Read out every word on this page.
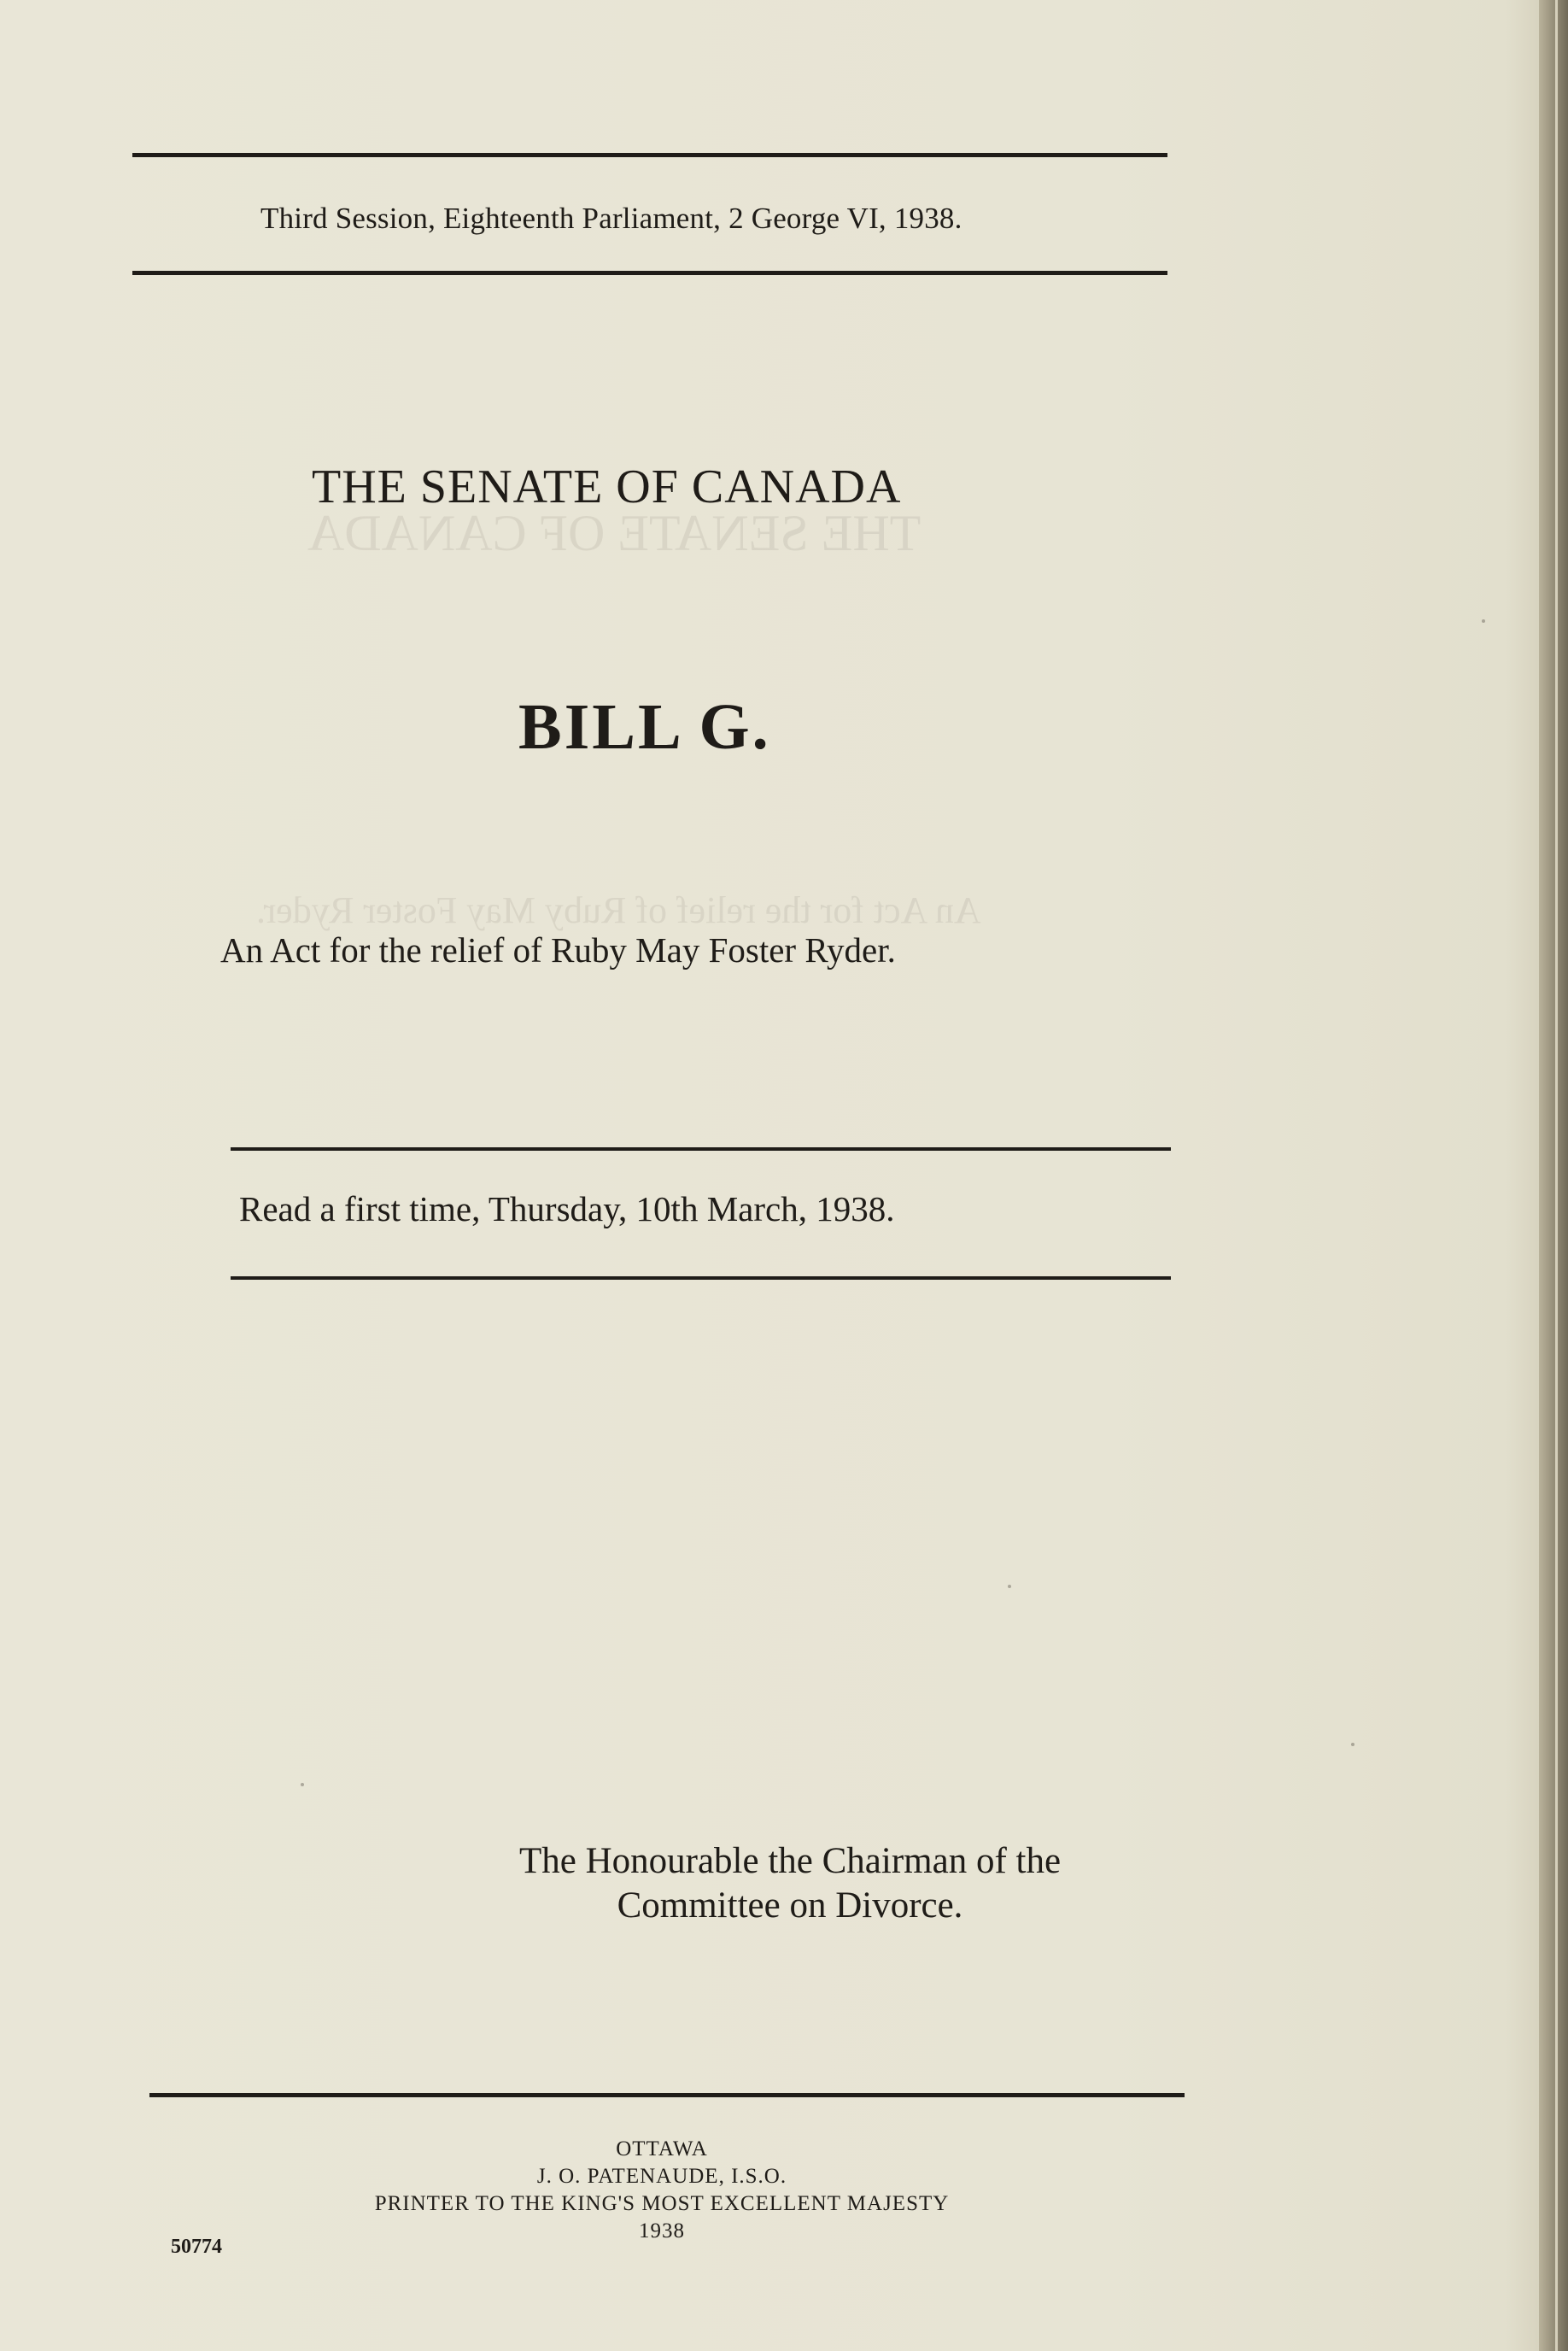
THE SENATE OF CANADA
An Act for the relief of Ruby May Foster Ryder.
Third Session, Eighteenth Parliament, 2 George VI, 1938.
THE SENATE OF CANADA
BILL G.
An Act for the relief of Ruby May Foster Ryder.
Read a first time, Thursday, 10th March, 1938.
The Honourable the Chairman of the
Committee on Divorce.
OTTAWA
J. O. PATENAUDE, I.S.O.
PRINTER TO THE KING'S MOST EXCELLENT MAJESTY
1938
50774
